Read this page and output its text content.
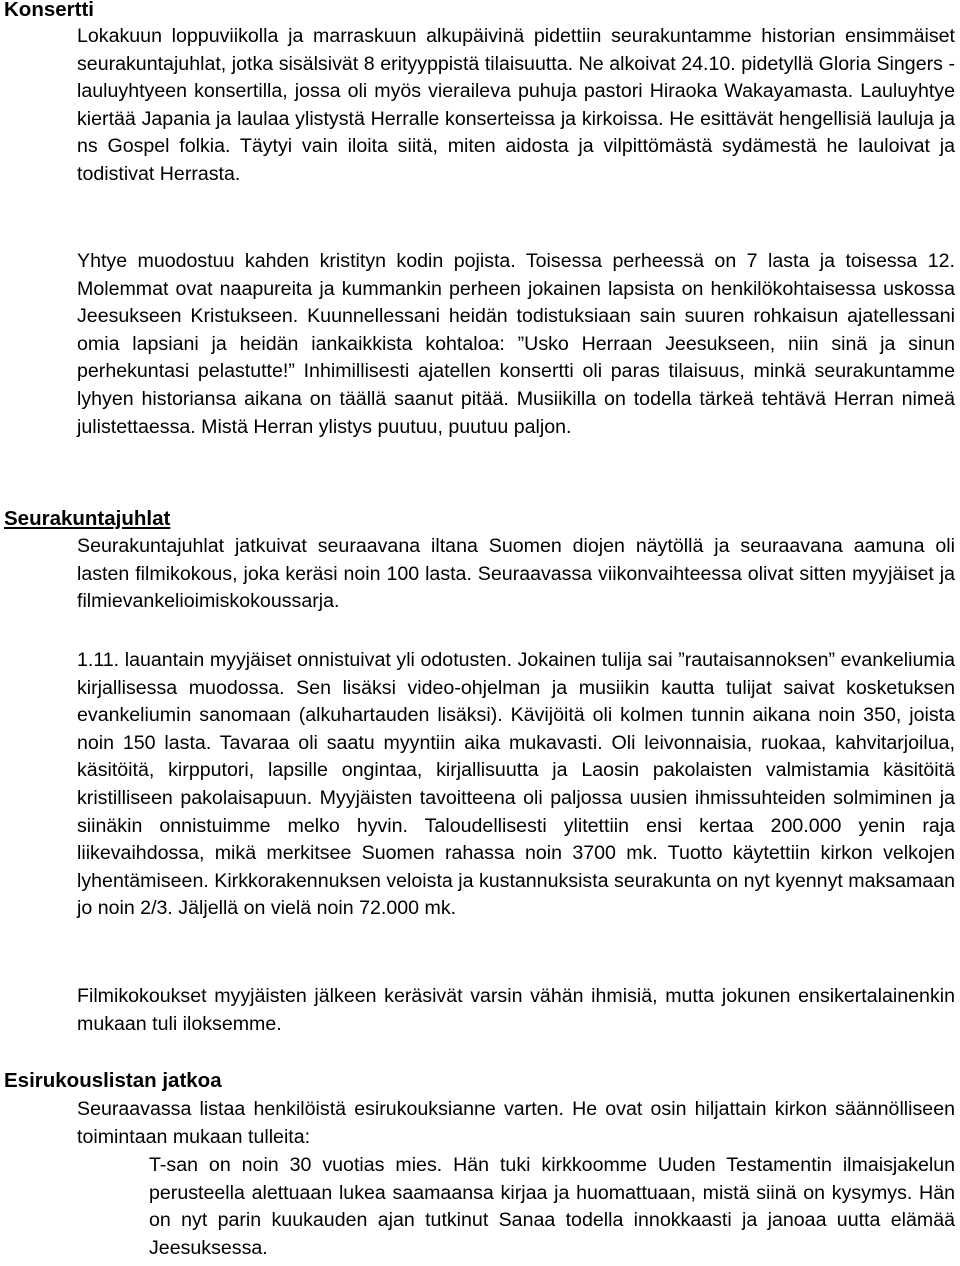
Konsertti

Lokakuun loppuviikolla ja marraskuun alkupäivinä pidettiin seurakuntamme historian ensimmäiset seurakuntajuhlat, jotka sisälsivät 8 erityyppistä tilaisuutta. Ne alkoivat 24.10. pidetyllä Gloria Singers -lauluyhtyeen konsertilla, jossa oli myös vieraileva puhuja pastori Hiraoka Wakayamasta. Lauluyhtye kiertää Japania ja laulaa ylistystä Herralle konserteissa ja kirkoissa. He esittävät hengellisiä lauluja ja ns Gospel folkia. Täytyi vain iloita siitä, miten aidosta ja vilpittömästä sydämestä he lauloivat ja todistivat Herrasta.

Yhtye muodostuu kahden kristityn kodin pojista. Toisessa perheessä on 7 lasta ja toisessa 12. Molemmat ovat naapureita ja kummankin perheen jokainen lapsista on henkilökohtaisessa uskossa Jeesukseen Kristukseen. Kuunnellessani heidän todistuksiaan sain suuren rohkaisun ajatellessani omia lapsiani ja heidän iankaikkista kohtaloa: ”Usko Herraan Jeesukseen, niin sinä ja sinun perhekuntasi pelastutte!” Inhimillisesti ajatellen konsertti oli paras tilaisuus, minkä seurakuntamme lyhyen historiansa aikana on täällä saanut pitää. Musiikilla on todella tärkeä tehtävä Herran nimeä julistettaessa. Mistä Herran ylistys puutuu, puutuu paljon.

Seurakuntajuhlat

Seurakuntajuhlat jatkuivat seuraavana iltana Suomen diojen näytöllä ja seuraavana aamuna oli lasten filmikokous, joka keräsi noin 100 lasta. Seuraavassa viikonvaihteessa olivat sitten myyjäiset ja filmievankelioimiskokoussarja.

1.11. lauantain myyjäiset onnistuivat yli odotusten. Jokainen tulija sai ”rautaisannoksen” evankeliumia kirjallisessa muodossa. Sen lisäksi video-ohjelman ja musiikin kautta tulijat saivat kosketuksen evankeliumin sanomaan (alkuhartauden lisäksi). Kävijöitä oli kolmen tunnin aikana noin 350, joista noin 150 lasta. Tavaraa oli saatu myyntiin aika mukavasti. Oli leivonnaisia, ruokaa, kahvitarjoilua, käsitöitä, kirpputori, lapsille ongintaa, kirjallisuutta ja Laosin pakolaisten valmistamia käsitöitä kristilliseen pakolaisapuun. Myyjäisten tavoitteena oli paljossa uusien ihmissuhteiden solmiminen ja siinäkin onnistuimme melko hyvin. Taloudellisesti ylitettiin ensi kertaa 200.000 yenin raja liikevaihdossa, mikä merkitsee Suomen rahassa noin 3700 mk. Tuotto käytettiin kirkon velkojen lyhentämiseen. Kirkkorakennuksen veloista ja kustannuksista seurakunta on nyt kyennyt maksamaan jo noin 2/3. Jäljellä on vielä noin 72.000 mk.

Filmikokoukset myyjäisten jälkeen keräsivät varsin vähän ihmisiä, mutta jokunen ensikertalainenkin mukaan tuli iloksemme.

Esirukouslistan jatkoa

Seuraavassa listaa henkilöistä esirukouksianne varten. He ovat osin hiljattain kirkon säännölliseen toimintaan mukaan tulleita:

T-san on noin 30 vuotias mies. Hän tuki kirkkoomme Uuden Testamentin ilmaisjakelun perusteella alettuaan lukea saamaansa kirjaa ja huomattuaan, mistä siinä on kysymys. Hän on nyt parin kuukauden ajan tutkinut Sanaa todella innokkaasti ja janoaa uutta elämää Jeesuksessa.
